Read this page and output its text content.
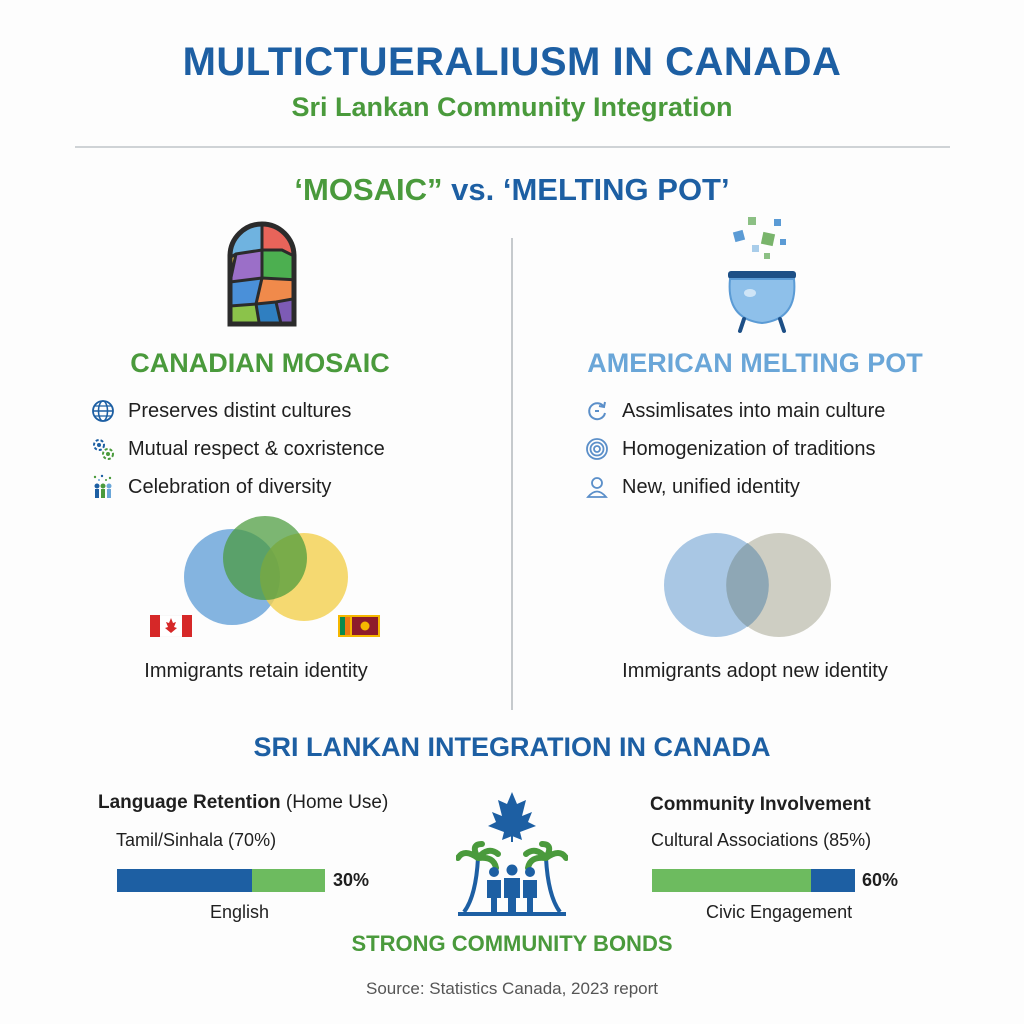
MULTICTUERALIUSM IN CANADA
Sri Lankan Community Integration
‘MOSAIC” vs. ‘MELTING POT’
CANADIAN MOSAIC	AMERICAN MELTING POT
Preserves distint cultures
Mutual respect & coxristence
Celebration of diversity
Assimlisates into main culture
Homogenization of traditions
New, unified identity
Immigrants retain identity	Immigrants adopt new identity
SRI LANKAN INTEGRATION IN CANADA
Language Retention (Home Use)
Tamil/Sinhala (70%)
30%
English
Community Involvement
Cultural Associations (85%)
60%
Civic Engagement
STRONG COMMUNITY BONDS
Source: Statistics Canada, 2023 report
